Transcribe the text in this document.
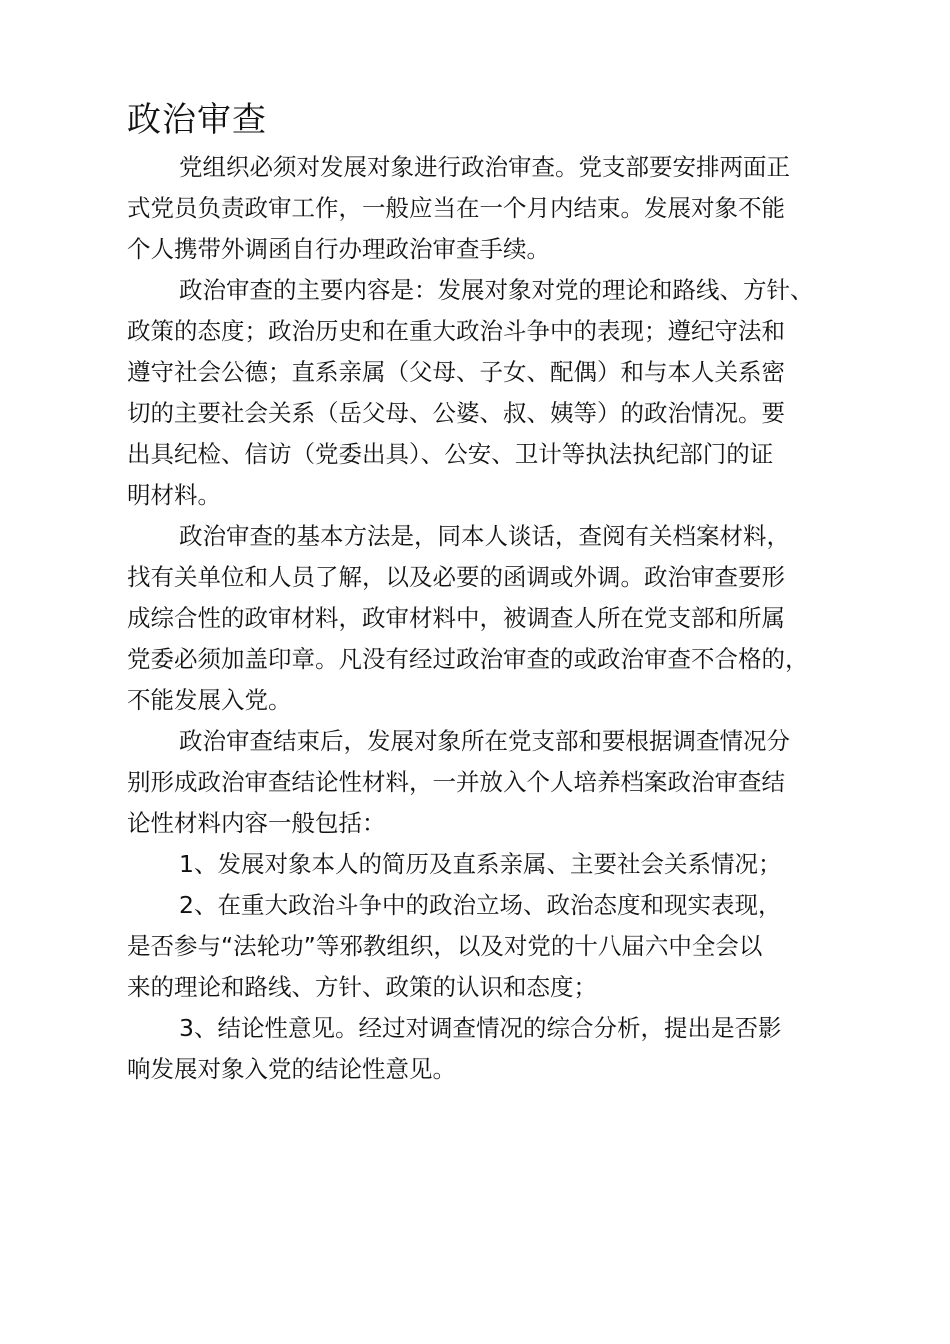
政治审查

党组织必须对发展对象进行政治审查。党支部要安排两面正
式党员负责政审工作，一般应当在一个月内结束。发展对象不能
个人携带外调函自行办理政治审查手续。

政治审查的主要内容是：发展对象对党的理论和路线、方针、
政策的态度；政治历史和在重大政治斗争中的表现；遵纪守法和
遵守社会公德；直系亲属（父母、子女、配偶）和与本人关系密
切的主要社会关系（岳父母、公婆、叔、姨等）的政治情况。要
出具纪检、信访（党委出具）、公安、卫计等执法执纪部门的证
明材料。

政治审查的基本方法是，同本人谈话，查阅有关档案材料，
找有关单位和人员了解，以及必要的函调或外调。政治审查要形
成综合性的政审材料，政审材料中，被调查人所在党支部和所属
党委必须加盖印章。凡没有经过政治审查的或政治审查不合格的，
不能发展入党。

政治审查结束后，发展对象所在党支部和要根据调查情况分
别形成政治审查结论性材料，一并放入个人培养档案政治审查结
论性材料内容一般包括：

1、发展对象本人的简历及直系亲属、主要社会关系情况；

2、在重大政治斗争中的政治立场、政治态度和现实表现，
是否参与“法轮功”等邪教组织，以及对党的十八届六中全会以
来的理论和路线、方针、政策的认识和态度；

3、结论性意见。经过对调查情况的综合分析，提出是否影
响发展对象入党的结论性意见。
